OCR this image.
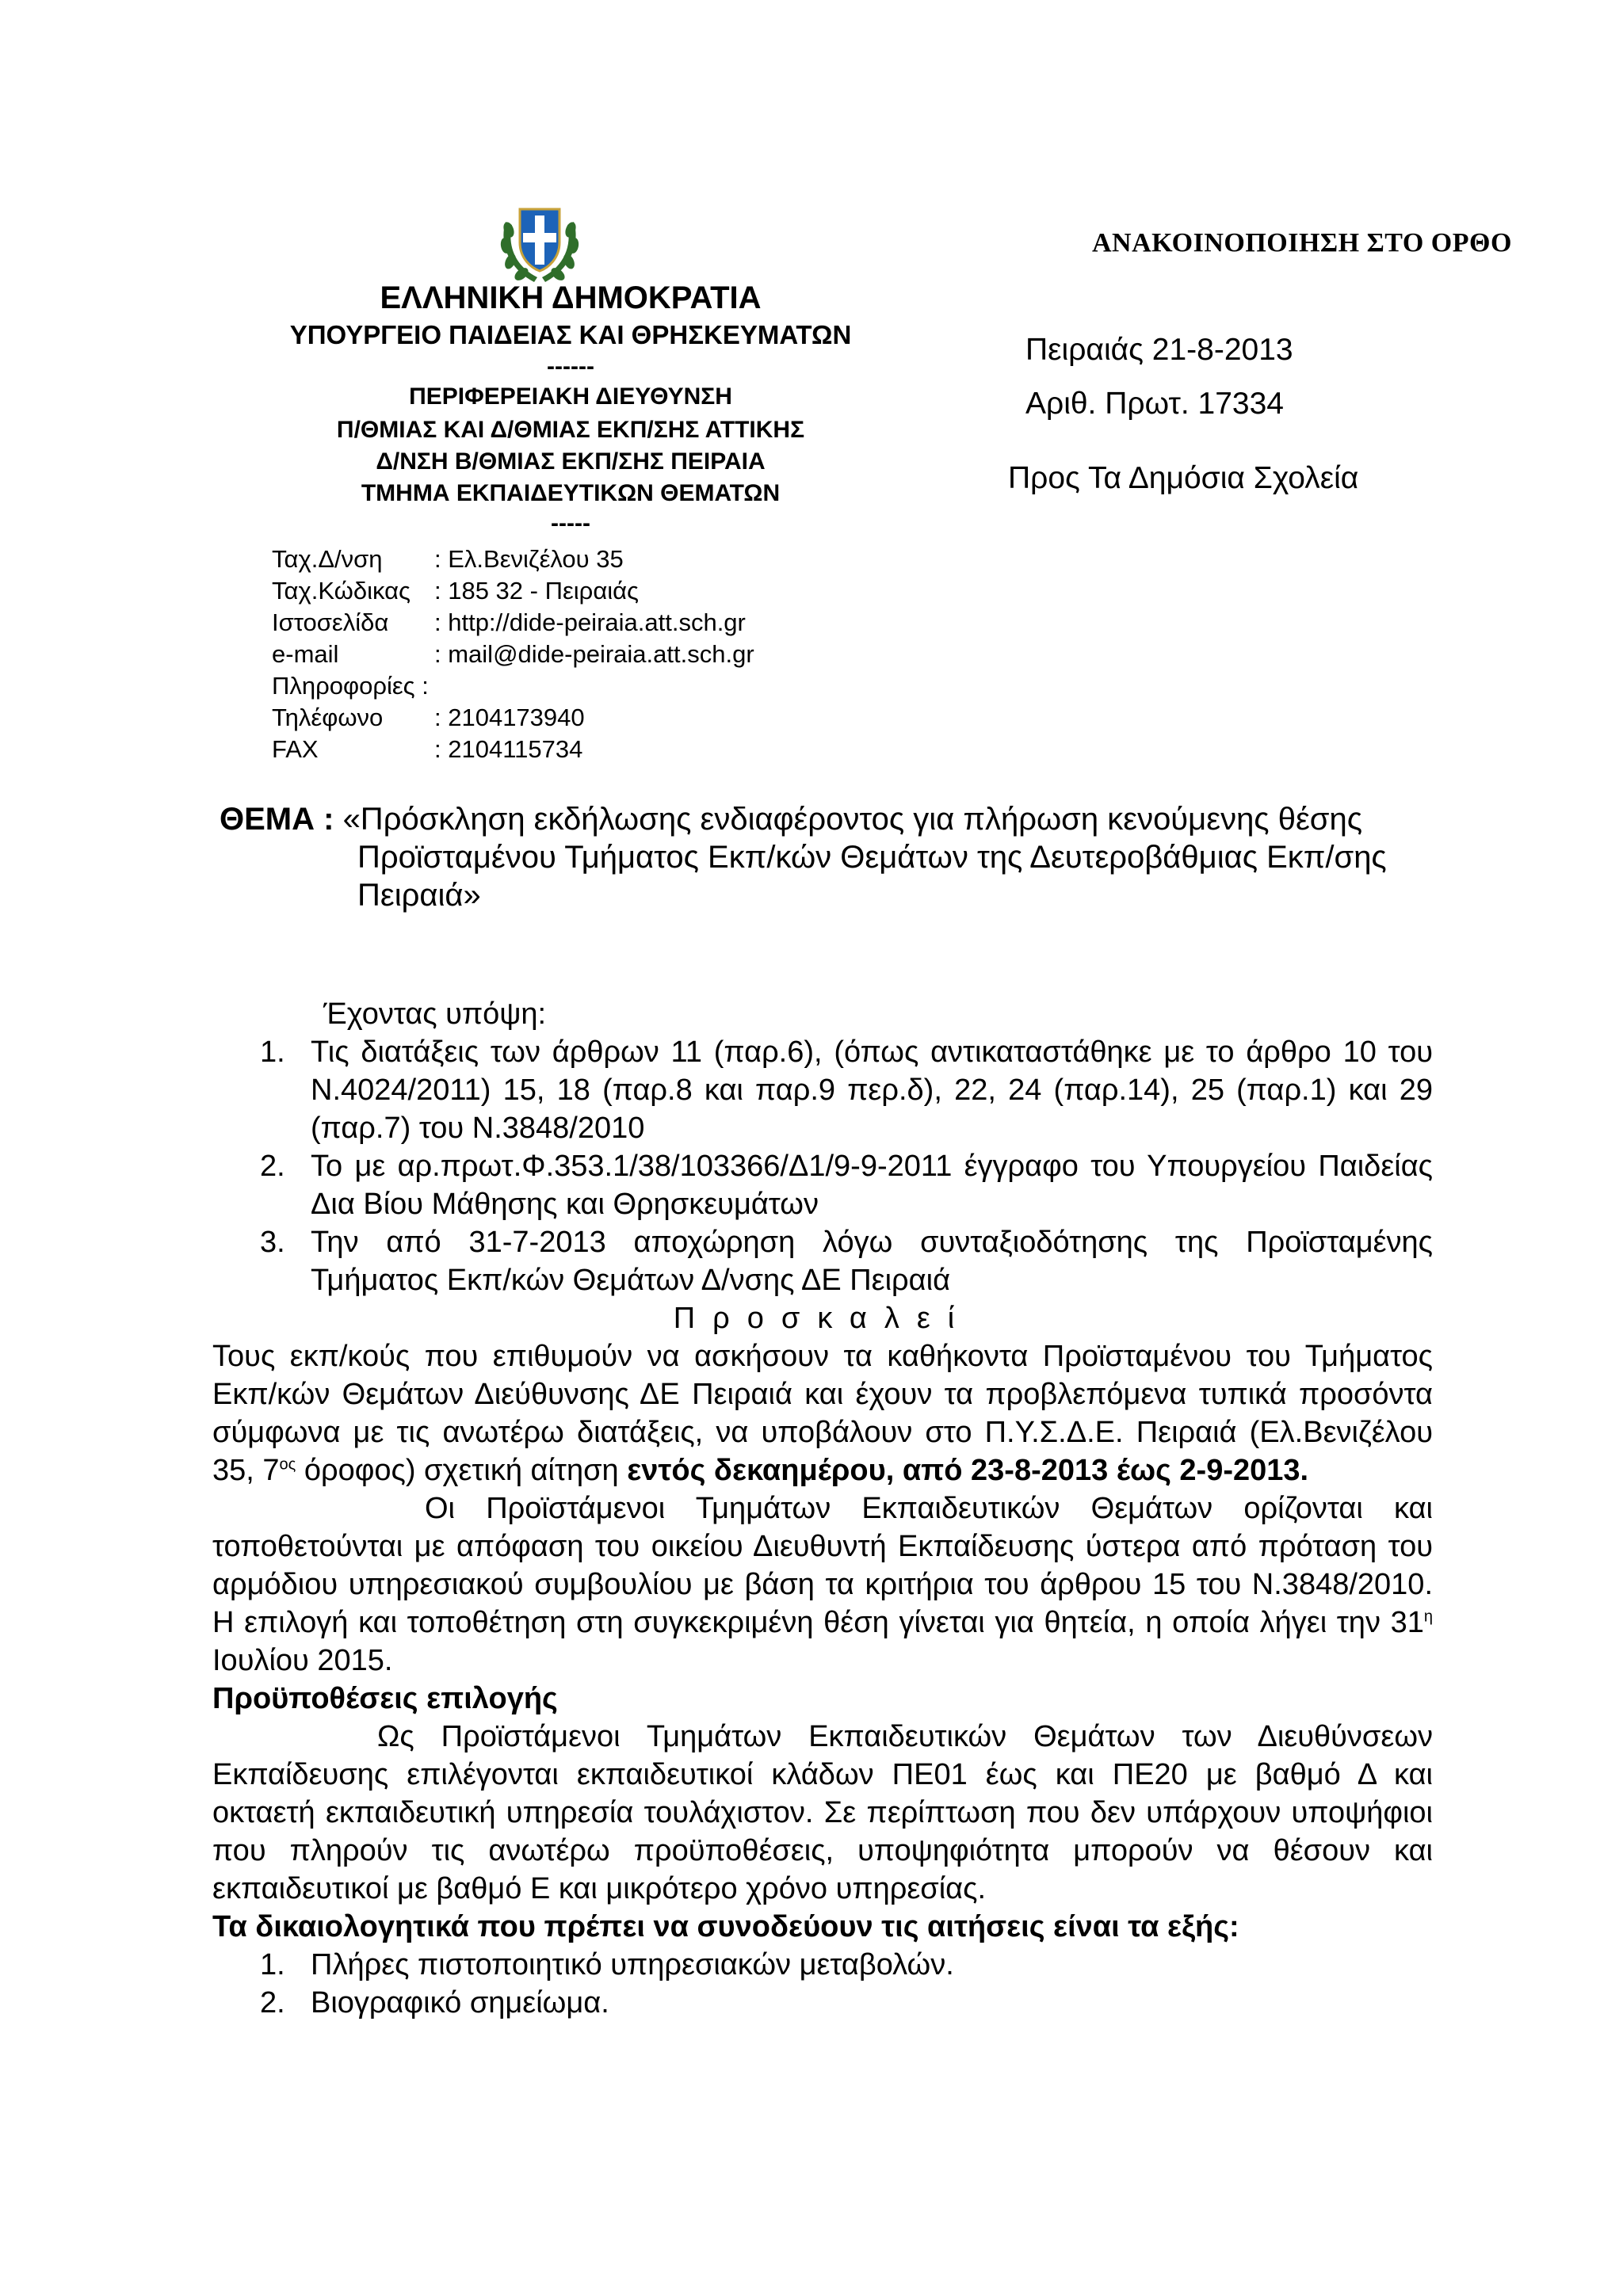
ΑΝΑΚΟΙΝΟΠΟΙΗΣΗ ΣΤΟ ΟΡΘΟ
ΕΛΛΗΝΙΚΗ ΔΗΜΟΚΡΑΤΙΑ
ΥΠΟΥΡΓΕΙΟ ΠΑΙΔΕΙΑΣ ΚΑΙ ΘΡΗΣΚΕΥΜΑΤΩΝ
------
ΠΕΡΙΦΕΡΕΙΑΚΗ ΔΙΕΥΘΥΝΣΗ
Π/ΘΜΙΑΣ ΚΑΙ Δ/ΘΜΙΑΣ ΕΚΠ/ΣΗΣ ΑΤΤΙΚΗΣ
Δ/ΝΣΗ Β/ΘΜΙΑΣ ΕΚΠ/ΣΗΣ ΠΕΙΡΑΙΑ
ΤΜΗΜΑ ΕΚΠΑΙΔΕΥΤΙΚΩΝ ΘΕΜΑΤΩΝ
-----
Ταχ.Δ/νση	: Ελ.Βενιζέλου 35
Ταχ.Κώδικας : 185 32 - Πειραιάς
Ιστοσελίδα	: http://dide-peiraia.att.sch.gr
e-mail	: mail@dide-peiraia.att.sch.gr
Πληροφορίες :
Τηλέφωνο	: 2104173940
FAX	: 2104115734
Πειραιάς 21-8-2013
Αριθ. Πρωτ. 17334
Προς Τα Δημόσια Σχολεία
ΘΕΜΑ : «Πρόσκληση εκδήλωσης ενδιαφέροντος για πλήρωση κενούμενης θέσης
Προϊσταμένου Τμήματος Εκπ/κών Θεμάτων της Δευτεροβάθμιας Εκπ/σης
Πειραιά»
Έχοντας υπόψη:
1. Τις διατάξεις των άρθρων 11 (παρ.6), (όπως αντικαταστάθηκε με το άρθρο 10 του Ν.4024/2011) 15, 18 (παρ.8 και παρ.9 περ.δ), 22, 24 (παρ.14), 25 (παρ.1) και 29 (παρ.7) του Ν.3848/2010
2. Το με αρ.πρωτ.Φ.353.1/38/103366/Δ1/9-9-2011 έγγραφο του Υπουργείου Παιδείας Δια Βίου Μάθησης και Θρησκευμάτων
3. Την από 31-7-2013 αποχώρηση λόγω συνταξιοδότησης της Προϊσταμένης Τμήματος Εκπ/κών Θεμάτων Δ/νσης ΔΕ Πειραιά
Προσκαλεί
Τους εκπ/κούς που επιθυμούν να ασκήσουν τα καθήκοντα Προϊσταμένου του Τμήματος Εκπ/κών Θεμάτων Διεύθυνσης ΔΕ Πειραιά και έχουν τα προβλεπόμενα τυπικά προσόντα σύμφωνα με τις ανωτέρω διατάξεις, να υποβάλουν στο Π.Υ.Σ.Δ.Ε. Πειραιά (Ελ.Βενιζέλου 35, $7^{o\varsigma}$ όροφος) σχετική αίτηση εντός δεκαημέρου, από 23-8-2013 έως 2-9-2013.
Οι Προϊστάμενοι Τμημάτων Εκπαιδευτικών Θεμάτων ορίζονται και τοποθετούνται με απόφαση του οικείου Διευθυντή Εκπαίδευσης ύστερα από πρόταση του αρμόδιου υπηρεσιακού συμβουλίου με βάση τα κριτήρια του άρθρου 15 του Ν.3848/2010. Η επιλογή και τοποθέτηση στη συγκεκριμένη θέση γίνεται για θητεία, η οποία λήγει την $31^\eta$ Ιουλίου 2015.
Προϋποθέσεις επιλογής
Ως Προϊστάμενοι Τμημάτων Εκπαιδευτικών Θεμάτων των Διευθύνσεων Εκπαίδευσης επιλέγονται εκπαιδευτικοί κλάδων ΠΕ01 έως και ΠΕ20 με βαθμό Δ και οκταετή εκπαιδευτική υπηρεσία τουλάχιστον. Σε περίπτωση που δεν υπάρχουν υποψήφιοι που πληρούν τις ανωτέρω προϋποθέσεις, υποψηφιότητα μπορούν να θέσουν και εκπαιδευτικοί με βαθμό Ε και μικρότερο χρόνο υπηρεσίας.
Τα δικαιολογητικά που πρέπει να συνοδεύουν τις αιτήσεις είναι τα εξής:
1. Πλήρες πιστοποιητικό υπηρεσιακών μεταβολών.
2. Βιογραφικό σημείωμα.
